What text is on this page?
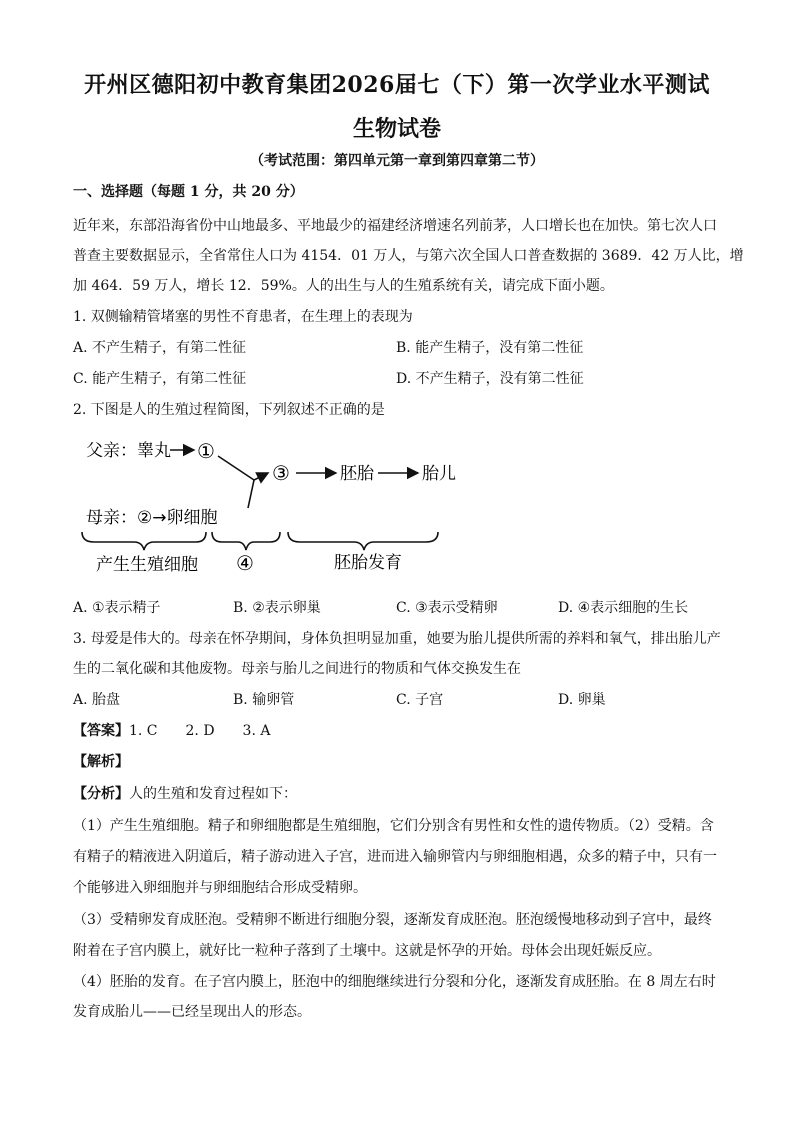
开州区德阳初中教育集团2026届七（下）第一次学业水平测试
生物试卷
（考试范围：第四单元第一章到第四章第二节）
一、选择题（每题 1 分，共 20 分）
近年来，东部沿海省份中山地最多、平地最少的福建经济增速名列前茅，人口增长也在加快。第七次人口
普查主要数据显示，全省常住人口为 4154．01 万人，与第六次全国人口普查数据的 3689．42 万人比，增
加 464．59 万人，增长 12．59%。人的出生与人的生殖系统有关，请完成下面小题。
1. 双侧输精管堵塞的男性不育患者，在生理上的表现为
A. 不产生精子，有第二性征	B. 能产生精子，没有第二性征
C. 能产生精子，有第二性征	D. 不产生精子，没有第二性征
2. 下图是人的生殖过程简图，下列叙述不正确的是
父亲：睾丸 ①
③	胚胎	胎儿
母亲：②→卵细胞
产生生殖细胞 ④	胚胎发育
A. ①表示精子	B. ②表示卵巢	C. ③表示受精卵	D. ④表示细胞的生长
3. 母爱是伟大的。母亲在怀孕期间，身体负担明显加重，她要为胎儿提供所需的养料和氧气，排出胎儿产
生的二氧化碳和其他废物。母亲与胎儿之间进行的物质和气体交换发生在
A. 胎盘	B. 输卵管	C. 子宫	D. 卵巢
【答案】1. C　　2. D　　3. A
【解析】
【分析】人的生殖和发育过程如下：
（1）产生生殖细胞。精子和卵细胞都是生殖细胞，它们分别含有男性和女性的遗传物质。（2）受精。含
有精子的精液进入阴道后，精子游动进入子宫，进而进入输卵管内与卵细胞相遇，众多的精子中，只有一
个能够进入卵细胞并与卵细胞结合形成受精卵。
（3）受精卵发育成胚泡。受精卵不断进行细胞分裂，逐渐发育成胚泡。胚泡缓慢地移动到子宫中，最终
附着在子宫内膜上，就好比一粒种子落到了土壤中。这就是怀孕的开始。母体会出现妊娠反应。
（4）胚胎的发育。在子宫内膜上，胚泡中的细胞继续进行分裂和分化，逐渐发育成胚胎。在 8 周左右时
发育成胎儿——已经呈现出人的形态。
